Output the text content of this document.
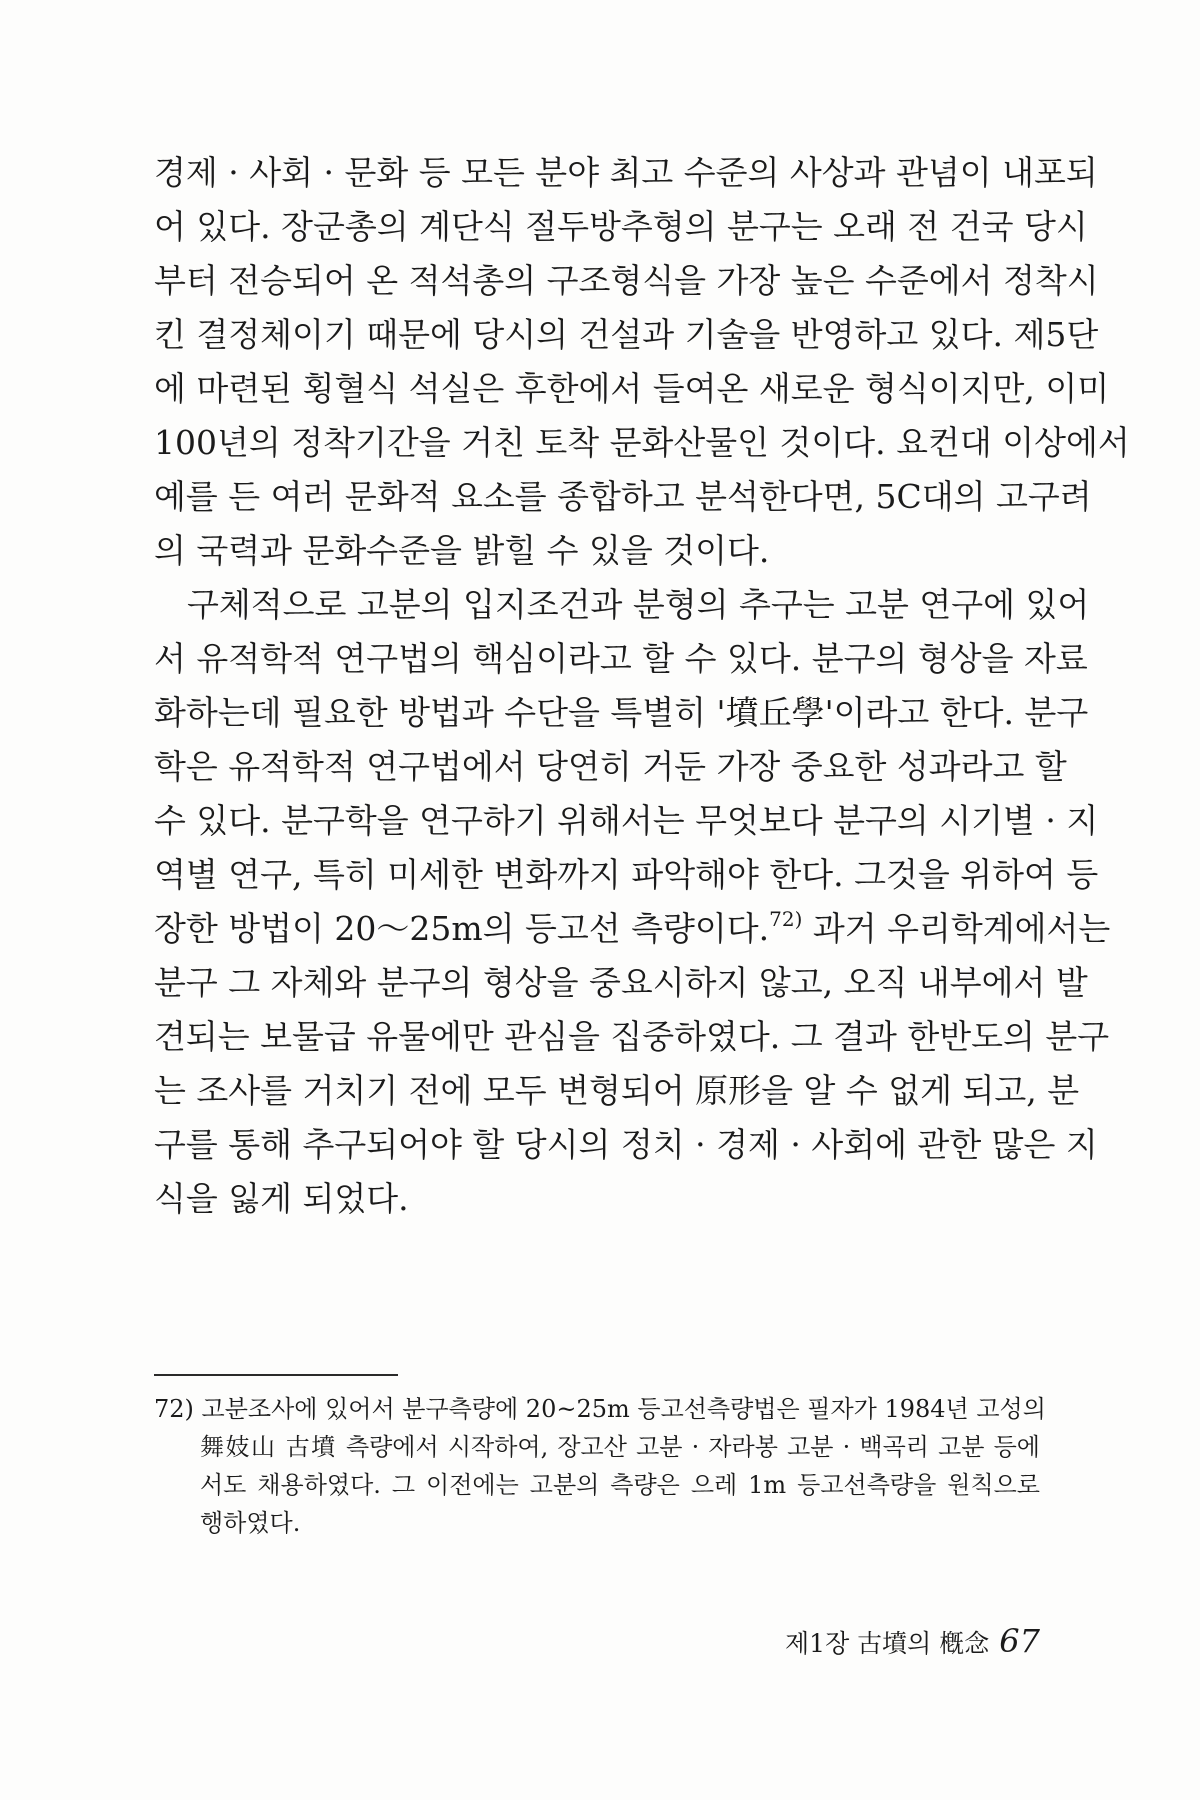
경제 · 사회 · 문화 등 모든 분야 최고 수준의 사상과 관념이 내포되
어 있다. 장군총의 계단식 절두방추형의 분구는 오래 전 건국 당시
부터 전승되어 온 적석총의 구조형식을 가장 높은 수준에서 정착시
킨 결정체이기 때문에 당시의 건설과 기술을 반영하고 있다. 제5단
에 마련된 횡혈식 석실은 후한에서 들여온 새로운 형식이지만, 이미
100년의 정착기간을 거친 토착 문화산물인 것이다. 요컨대 이상에서
예를 든 여러 문화적 요소를 종합하고 분석한다면, 5C대의 고구려
의 국력과 문화수준을 밝힐 수 있을 것이다.
　구체적으로 고분의 입지조건과 분형의 추구는 고분 연구에 있어
서 유적학적 연구법의 핵심이라고 할 수 있다. 분구의 형상을 자료
화하는데 필요한 방법과 수단을 특별히 '墳丘學'이라고 한다. 분구
학은 유적학적 연구법에서 당연히 거둔 가장 중요한 성과라고 할
수 있다. 분구학을 연구하기 위해서는 무엇보다 분구의 시기별 · 지
역별 연구, 특히 미세한 변화까지 파악해야 한다. 그것을 위하여 등
장한 방법이 20～25m의 등고선 측량이다.$^{72)}$ 과거 우리학계에서는
분구 그 자체와 분구의 형상을 중요시하지 않고, 오직 내부에서 발
견되는 보물급 유물에만 관심을 집중하였다. 그 결과 한반도의 분구
는 조사를 거치기 전에 모두 변형되어 原形을 알 수 없게 되고, 분
구를 통해 추구되어야 할 당시의 정치 · 경제 · 사회에 관한 많은 지
식을 잃게 되었다.
72) 고분조사에 있어서 분구측량에 20~25m 등고선측량법은 필자가 1984년 고성의
舞妓山 古墳 측량에서 시작하여, 장고산 고분 · 자라봉 고분 · 백곡리 고분 등에
서도 채용하였다. 그 이전에는 고분의 측량은 으레 1m 등고선측량을 원칙으로
행하였다.
제1장 古墳의 槪念 67
